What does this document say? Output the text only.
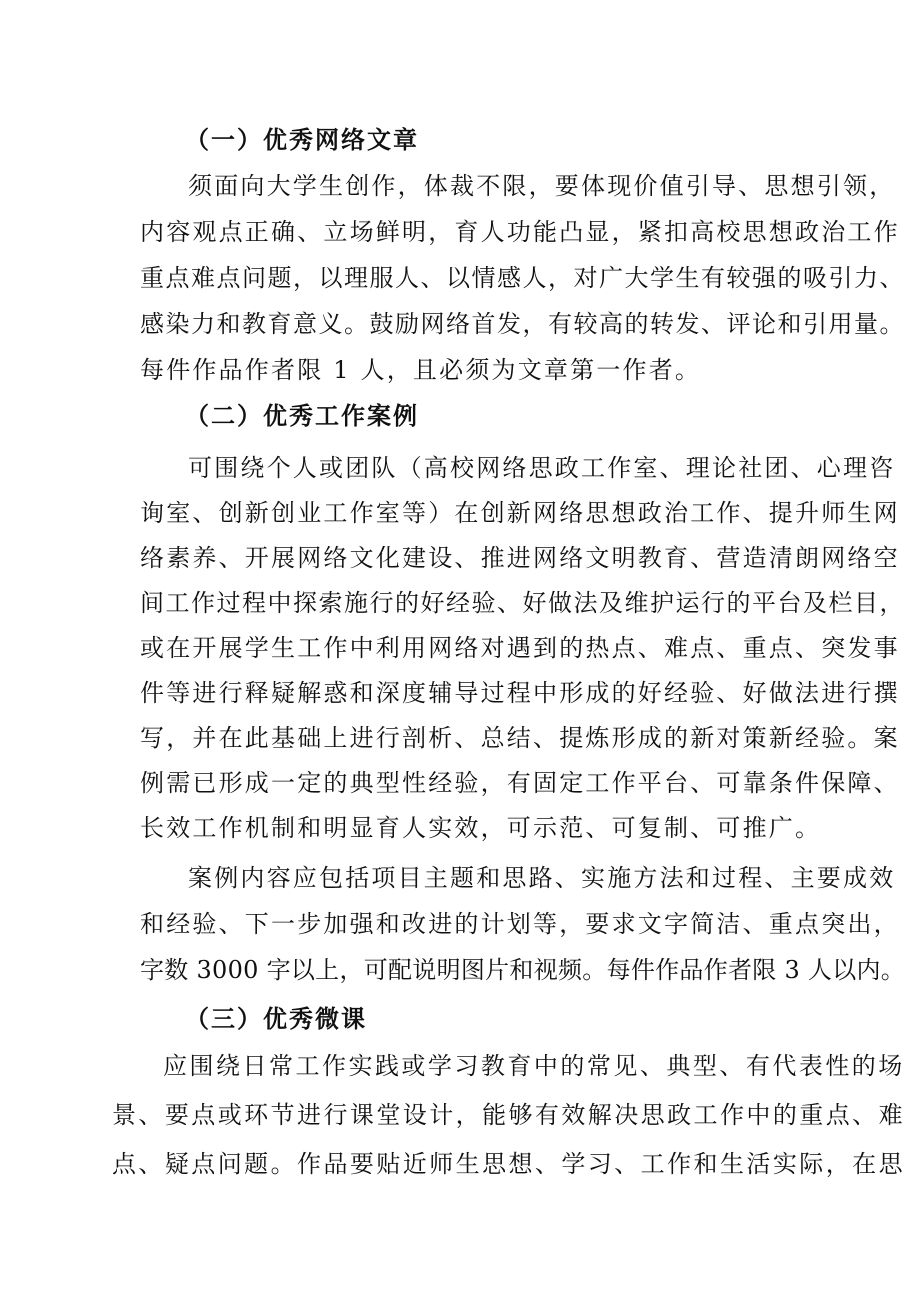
（一）优秀网络文章
须面向大学生创作，体裁不限，要体现价值引导、思想引领，
内容观点正确、立场鲜明，育人功能凸显，紧扣高校思想政治工作
重点难点问题，以理服人、以情感人，对广大学生有较强的吸引力、
感染力和教育意义。鼓励网络首发，有较高的转发、评论和引用量。
每件作品作者限 1 人，且必须为文章第一作者。
（二）优秀工作案例
可围绕个人或团队（高校网络思政工作室、理论社团、心理咨
询室、创新创业工作室等）在创新网络思想政治工作、提升师生网
络素养、开展网络文化建设、推进网络文明教育、营造清朗网络空
间工作过程中探索施行的好经验、好做法及维护运行的平台及栏目，
或在开展学生工作中利用网络对遇到的热点、难点、重点、突发事
件等进行释疑解惑和深度辅导过程中形成的好经验、好做法进行撰
写，并在此基础上进行剖析、总结、提炼形成的新对策新经验。案
例需已形成一定的典型性经验，有固定工作平台、可靠条件保障、
长效工作机制和明显育人实效，可示范、可复制、可推广。
案例内容应包括项目主题和思路、实施方法和过程、主要成效
和经验、下一步加强和改进的计划等，要求文字简洁、重点突出，
字数 3000 字以上，可配说明图片和视频。每件作品作者限 3 人以内。
（三）优秀微课
应围绕日常工作实践或学习教育中的常见、典型、有代表性的场
景、要点或环节进行课堂设计，能够有效解决思政工作中的重点、难
点、疑点问题。作品要贴近师生思想、学习、工作和生活实际，在思
